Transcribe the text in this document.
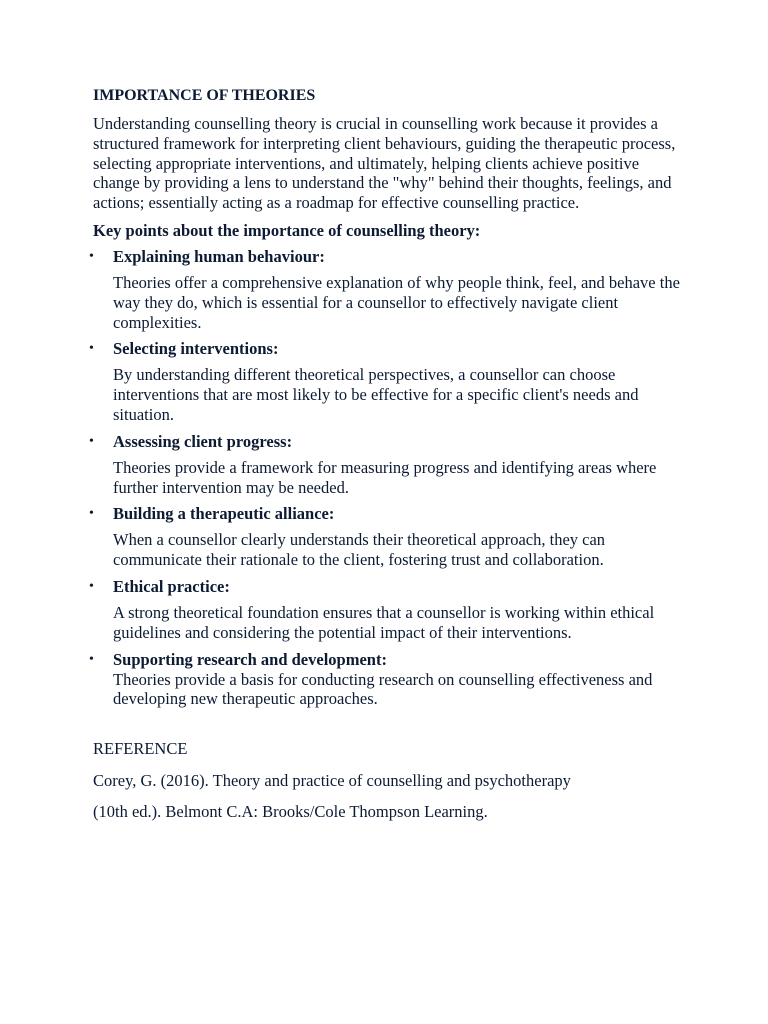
IMPORTANCE OF THEORIES
Understanding counselling theory is crucial in counselling work because it provides a structured framework for interpreting client behaviours, guiding the therapeutic process, selecting appropriate interventions, and ultimately, helping clients achieve positive change by providing a lens to understand the "why" behind their thoughts, feelings, and actions; essentially acting as a roadmap for effective counselling practice.
Key points about the importance of counselling theory:
• Explaining human behaviour:
Theories offer a comprehensive explanation of why people think, feel, and behave the way they do, which is essential for a counsellor to effectively navigate client complexities.
• Selecting interventions:
By understanding different theoretical perspectives, a counsellor can choose interventions that are most likely to be effective for a specific client's needs and situation.
• Assessing client progress:
Theories provide a framework for measuring progress and identifying areas where further intervention may be needed.
• Building a therapeutic alliance:
When a counsellor clearly understands their theoretical approach, they can communicate their rationale to the client, fostering trust and collaboration.
• Ethical practice:
A strong theoretical foundation ensures that a counsellor is working within ethical guidelines and considering the potential impact of their interventions.
• Supporting research and development:
Theories provide a basis for conducting research on counselling effectiveness and developing new therapeutic approaches.
REFERENCE
Corey, G. (2016). Theory and practice of counselling and psychotherapy
(10th ed.). Belmont C.A: Brooks/Cole Thompson Learning.
